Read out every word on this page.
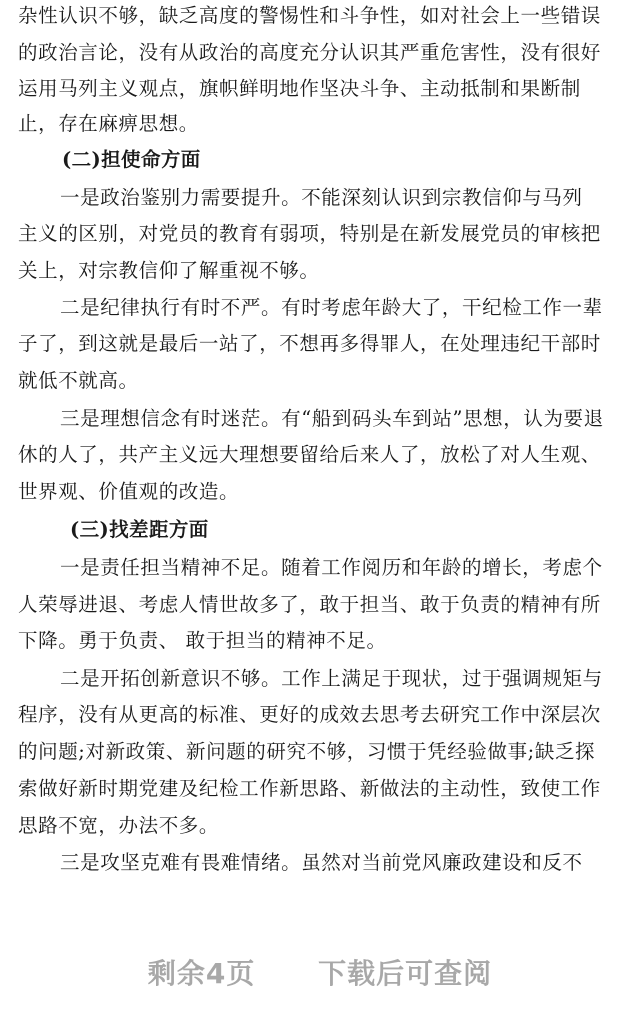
杂性认识不够，缺乏高度的警惕性和斗争性，如对社会上一些错误
的政治言论，没有从政治的高度充分认识其严重危害性，没有很好
运用马列主义观点，旗帜鲜明地作坚决斗争、主动抵制和果断制
止，存在麻痹思想。
(二)担使命方面
一是政治鉴别力需要提升。不能深刻认识到宗教信仰与马列
主义的区别，对党员的教育有弱项，特别是在新发展党员的审核把
关上，对宗教信仰了解重视不够。
二是纪律执行有时不严。有时考虑年龄大了，干纪检工作一辈
子了，到这就是最后一站了，不想再多得罪人，在处理违纪干部时
就低不就高。
三是理想信念有时迷茫。有“船到码头车到站”思想，认为要退
休的人了，共产主义远大理想要留给后来人了，放松了对人生观、
世界观、价值观的改造。
(三)找差距方面
一是责任担当精神不足。随着工作阅历和年龄的增长，考虑个
人荣辱进退、考虑人情世故多了，敢于担当、敢于负责的精神有所
下降。勇于负责、 敢于担当的精神不足。
二是开拓创新意识不够。工作上满足于现状，过于强调规矩与
程序，没有从更高的标准、更好的成效去思考去研究工作中深层次
的问题;对新政策、新问题的研究不够，习惯于凭经验做事;缺乏探
索做好新时期党建及纪检工作新思路、新做法的主动性，致使工作
思路不宽，办法不多。
三是攻坚克难有畏难情绪。虽然对当前党风廉政建设和反不
剩余4页 下载后可查阅
